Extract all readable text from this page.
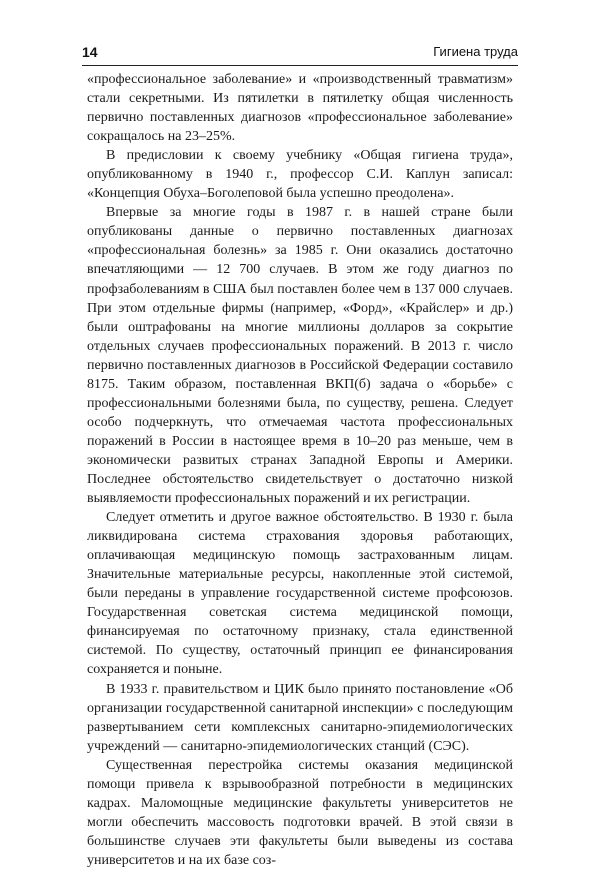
14	Гигиена труда

«профессиональное заболевание» и «производственный травматизм» стали секретными. Из пятилетки в пятилетку общая численность первично поставленных диагнозов «профессиональное заболевание» сокращалось на 23–25%.

В предисловии к своему учебнику «Общая гигиена труда», опубликованному в 1940 г., профессор С.И. Каплун записал: «Концепция Обуха–Боголеповой была успешно преодолена».

Впервые за многие годы в 1987 г. в нашей стране были опубликованы данные о первично поставленных диагнозах «профессиональная болезнь» за 1985 г. Они оказались достаточно впечатляющими — 12 700 случаев. В этом же году диагноз по профзаболеваниям в США был поставлен более чем в 137 000 случаев. При этом отдельные фирмы (например, «Форд», «Крайслер» и др.) были оштрафованы на многие миллионы долларов за сокрытие отдельных случаев профессиональных поражений. В 2013 г. число первично поставленных диагнозов в Российской Федерации составило 8175. Таким образом, поставленная ВКП(б) задача о «борьбе» с профессиональными болезнями была, по существу, решена. Следует особо подчеркнуть, что отмечаемая частота профессиональных поражений в России в настоящее время в 10–20 раз меньше, чем в экономически развитых странах Западной Европы и Америки. Последнее обстоятельство свидетельствует о достаточно низкой выявляемости профессиональных поражений и их регистрации.

Следует отметить и другое важное обстоятельство. В 1930 г. была ликвидирована система страхования здоровья работающих, оплачивающая медицинскую помощь застрахованным лицам. Значительные материальные ресурсы, накопленные этой системой, были переданы в управление государственной системе профсоюзов. Государственная советская система медицинской помощи, финансируемая по остаточному признаку, стала единственной системой. По существу, остаточный принцип ее финансирования сохраняется и поныне.

В 1933 г. правительством и ЦИК было принято постановление «Об организации государственной санитарной инспекции» с последующим развертыванием сети комплексных санитарно-эпидемиологических учреждений — санитарно-эпидемиологических станций (СЭС).

Существенная перестройка системы оказания медицинской помощи привела к взрывообразной потребности в медицинских кадрах. Маломощные медицинские факультеты университетов не могли обеспечить массовость подготовки врачей. В этой связи в большинстве случаев эти факультеты были выведены из состава университетов и на их базе соз-
